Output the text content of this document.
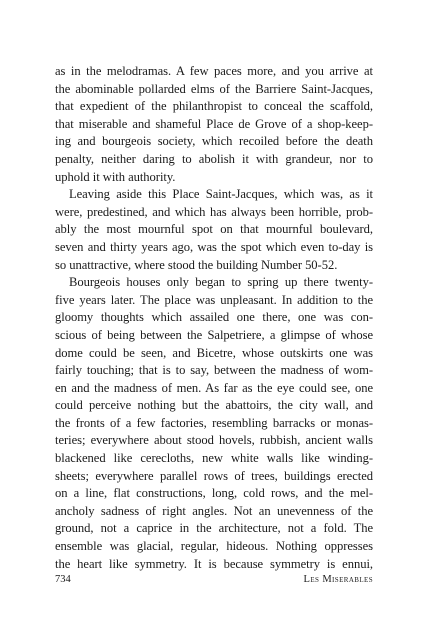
as in the melodramas. A few paces more, and you arrive at
the abominable pollarded elms of the Barriere Saint-Jacques,
that expedient of the philanthropist to conceal the scaffold,
that miserable and shameful Place de Grove of a shop-keep-
ing and bourgeois society, which recoiled before the death
penalty, neither daring to abolish it with grandeur, nor to
uphold it with authority.
Leaving aside this Place Saint-Jacques, which was, as it
were, predestined, and which has always been horrible, prob-
ably the most mournful spot on that mournful boulevard,
seven and thirty years ago, was the spot which even to-day is
so unattractive, where stood the building Number 50-52.
Bourgeois houses only began to spring up there twenty-
five years later. The place was unpleasant. In addition to the
gloomy thoughts which assailed one there, one was con-
scious of being between the Salpetriere, a glimpse of whose
dome could be seen, and Bicetre, whose outskirts one was
fairly touching; that is to say, between the madness of wom-
en and the madness of men. As far as the eye could see, one
could perceive nothing but the abattoirs, the city wall, and
the fronts of a few factories, resembling barracks or monas-
teries; everywhere about stood hovels, rubbish, ancient walls
blackened like cerecloths, new white walls like winding-
sheets; everywhere parallel rows of trees, buildings erected
on a line, flat constructions, long, cold rows, and the mel-
ancholy sadness of right angles. Not an unevenness of the
ground, not a caprice in the architecture, not a fold. The
ensemble was glacial, regular, hideous. Nothing oppresses
the heart like symmetry. It is because symmetry is ennui,
734	Les Miserables
